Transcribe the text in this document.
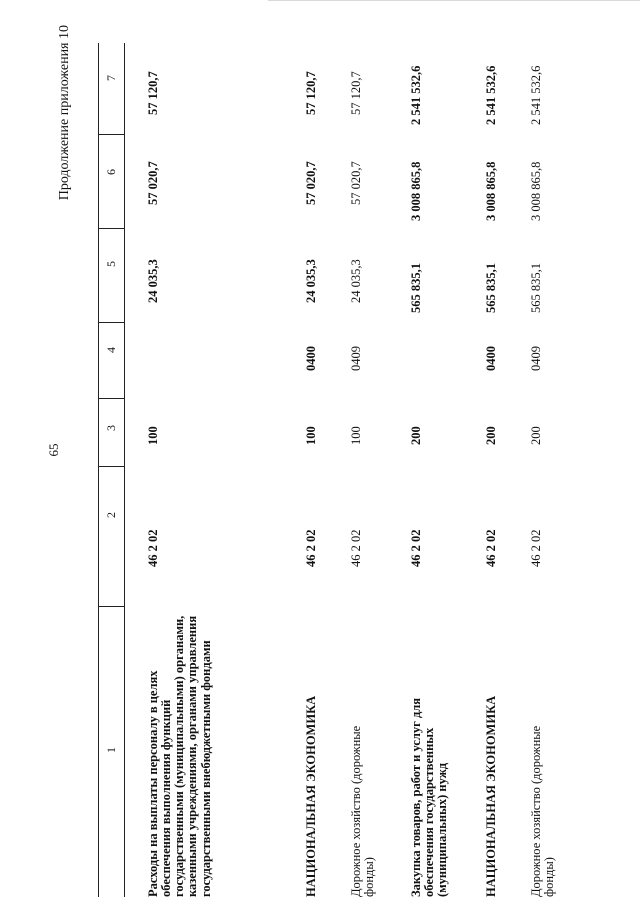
65
Продолжение приложения 10
1
2
3
4
5
6
7
Расходы на выплаты персоналу в целях обеспечения выполнения функций государственными (муниципальными) органами, казенными учреждениями, органами управления государственными внебюджетными фондами
46 2 02
100
24 035,3
57 020,7
57 120,7
НАЦИОНАЛЬНАЯ ЭКОНОМИКА
46 2 02
100
0400
24 035,3
57 020,7
57 120,7
Дорожное хозяйство (дорожные фонды)
46 2 02
100
0409
24 035,3
57 020,7
57 120,7
Закупка товаров, работ и услуг для обеспечения государственных (муниципальных) нужд
46 2 02
200
565 835,1
3 008 865,8
2 541 532,6
НАЦИОНАЛЬНАЯ ЭКОНОМИКА
46 2 02
200
0400
565 835,1
3 008 865,8
2 541 532,6
Дорожное хозяйство (дорожные фонды)
46 2 02
200
0409
565 835,1
3 008 865,8
2 541 532,6
